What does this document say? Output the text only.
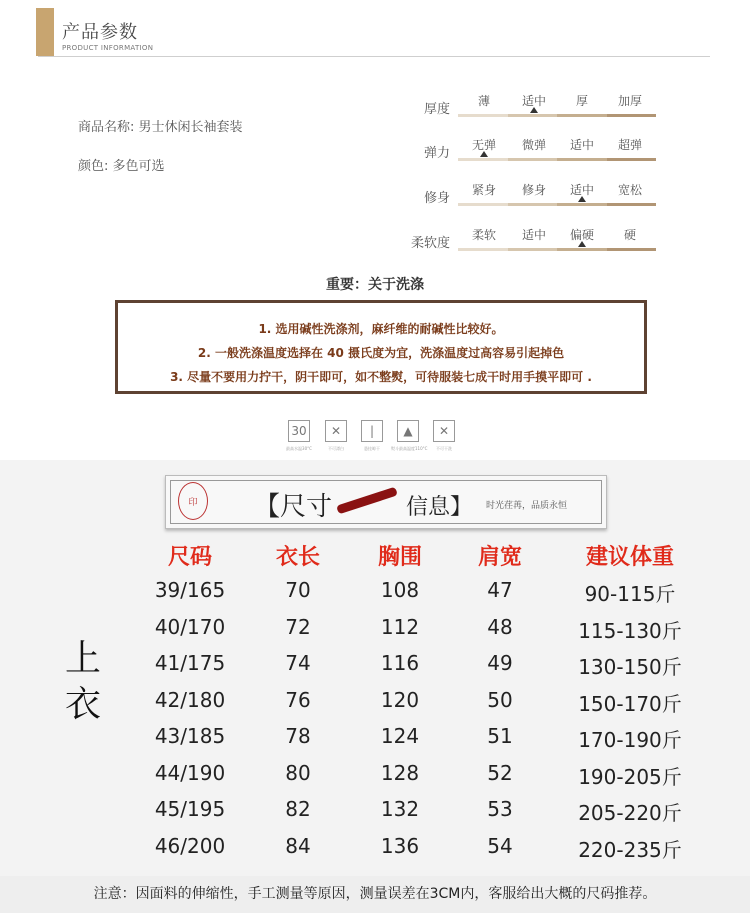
产品参数
PRODUCT INFORMATION
商品名称: 男士休闲长袖套装
颜色: 多色可选
厚度
薄	适中	厚	加厚
弹力
无弹	微弹	适中	超弹
修身
紧身	修身	适中	宽松
柔软度
柔软	适中	偏硬	硬
重要：关于洗涤
1. 选用碱性洗涤剂，麻纤维的耐碱性比较好。
2. 一般洗涤温度选择在 40 摄氏度为宜，洗涤温度过高容易引起掉色
3. 尽量不要用力拧干，阴干即可，如不整熨，可待服装七成干时用手摸平即可 .
30
最高水温30°C
✕
不可漂白
|
悬挂晾干
▲
熨斗最高温度110°C
✕
不可干洗
印	【尺寸	信息】 时光荏苒，品质永恒
尺码	衣长	胸围	肩宽	建议体重
39/165	70	108	47	90-115斤
40/170	72	112	48	115-130斤
41/175	74	116	49	130-150斤
42/180	76	120	50	150-170斤
43/185	78	124	51	170-190斤
44/190	80	128	52	190-205斤
45/195	82	132	53	205-220斤
46/200	84	136	54	220-235斤
上
衣
注意：因面料的伸缩性，手工测量等原因，测量误差在3CM内，客服给出大概的尺码推荐。
